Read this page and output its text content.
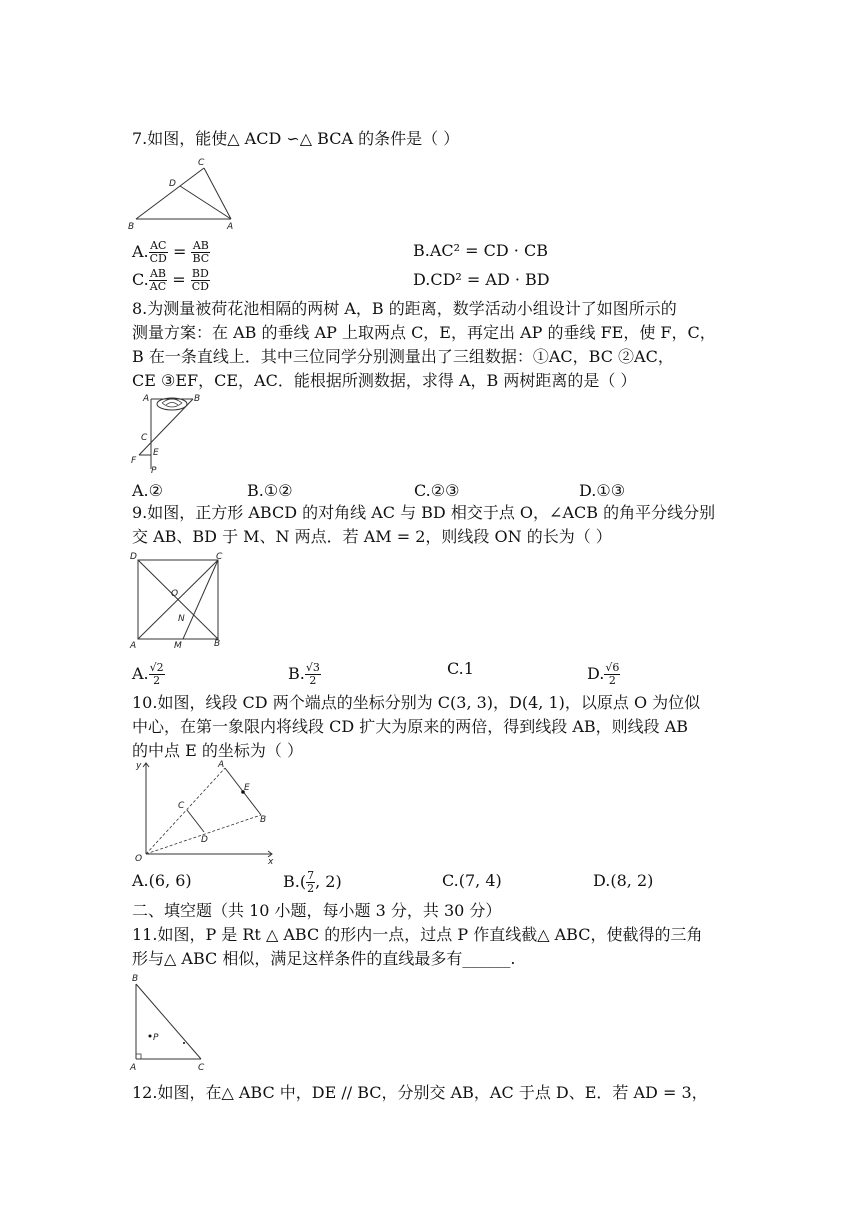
7.如图，能使△ ACD ∽△ BCA 的条件是（ ）
C
D
B	A
A. $\frac{AC}{CD} = \frac{AB}{BC}$	B.AC² = CD · CB
C. $\frac{AB}{AC} = \frac{BD}{CD}$	D.CD² = AD · BD
8.为测量被荷花池相隔的两树 A，B 的距离，数学活动小组设计了如图所示的
测量方案：在 AB 的垂线 AP 上取两点 C，E，再定出 AP 的垂线 FE，使 F，C，
B 在一条直线上．其中三位同学分别测量出了三组数据：①AC，BC ②AC，
CE ③EF，CE，AC．能根据所测数据，求得 A，B 两树距离的是（ ）
A	B
C
E
F
P
A.②	B.①②	C.②③	D.①③
9.如图，正方形 ABCD 的对角线 AC 与 BD 相交于点 O，∠ACB 的角平分线分别
交 AB、BD 于 M、N 两点．若 AM = 2，则线段 ON 的长为（ ）
D	C
O
N
A	M	B
A. $\frac{√2}{2}$	B. $\frac{√3}{2}$	C.1	D. $\frac{√6}{2}$
10.如图，线段 CD 两个端点的坐标分别为 C(3, 3)，D(4, 1)，以原点 O 为位似
中心，在第一象限内将线段 CD 扩大为原来的两倍，得到线段 AB，则线段 AB
的中点 E 的坐标为（ ）
y
x
O
A
E
B
C
D
A.(6, 6)	$B.( \frac{7}{2}$ , 2)	C.(7, 4)	D.(8, 2)
二、填空题（共 10 小题，每小题 3 分，共 30 分）
11.如图，P 是 Rt △ ABC 的形内一点，过点 P 作直线截△ ABC，使截得的三角
形与△ ABC 相似，满足这样条件的直线最多有______.
B
P
A	C
12.如图，在△ ABC 中，DE // BC，分别交 AB，AC 于点 D、E．若 AD = 3，
